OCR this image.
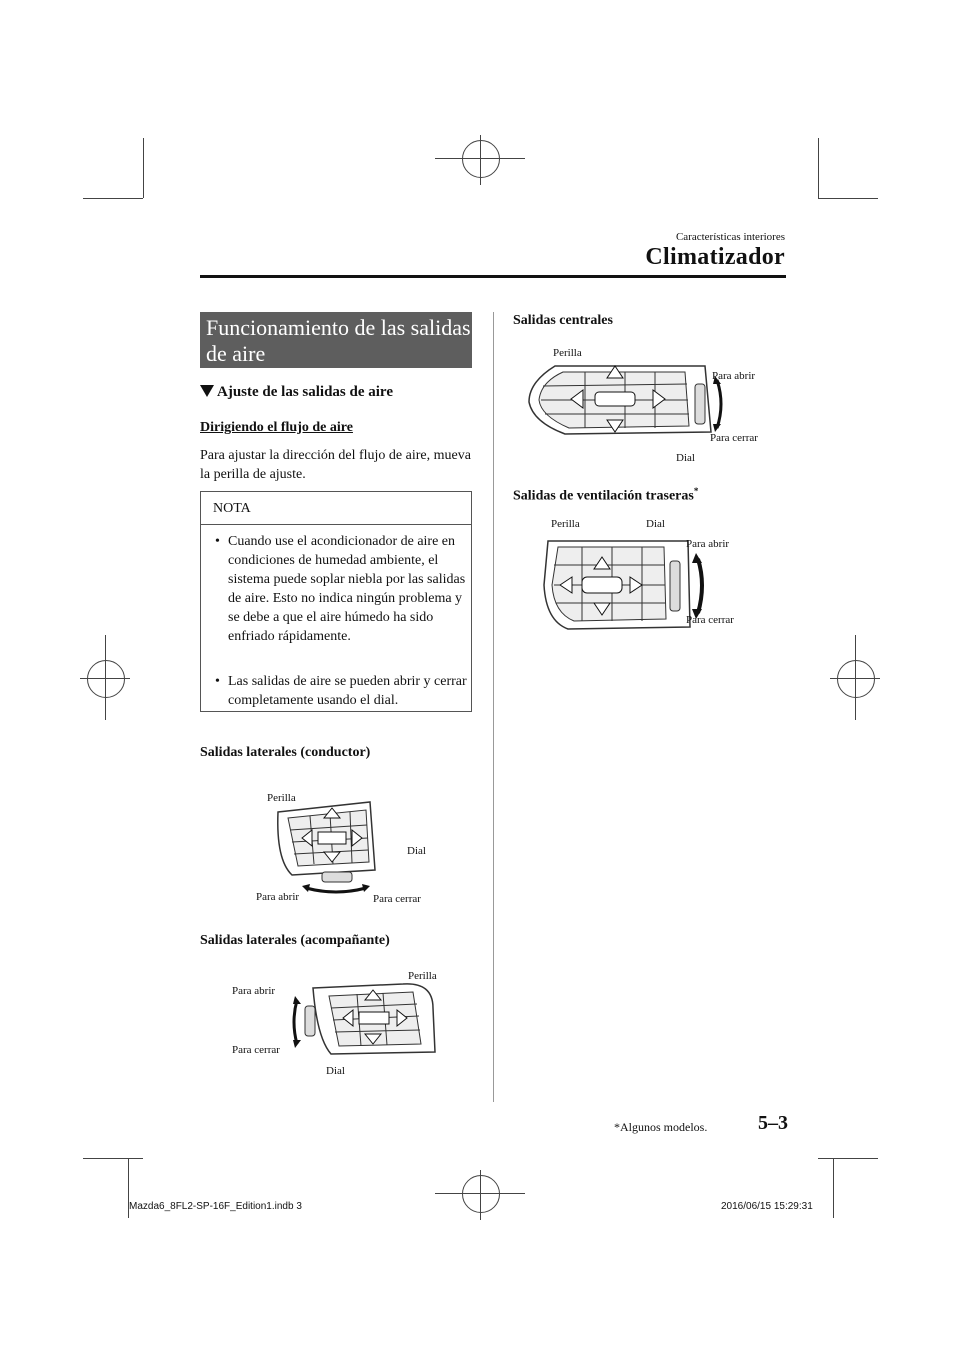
Características interiores
Climatizador
Funcionamiento de las salidas de aire
Ajuste de las salidas de aire
Dirigiendo el flujo de aire
Para ajustar la dirección del flujo de aire, mueva la perilla de ajuste.
NOTA
• Cuando use el acondicionador de aire en condiciones de humedad ambiente, el sistema puede soplar niebla por las salidas de aire. Esto no indica ningún problema y se debe a que el aire húmedo ha sido enfriado rápidamente.
• Las salidas de aire se pueden abrir y cerrar completamente usando el dial.
Salidas laterales (conductor)
Perilla
Dial
Para abrir	Para cerrar
Salidas laterales (acompañante)
Perilla
Para abrir
Para cerrar
Dial
Salidas centrales
Perilla
Para abrir
Para cerrar
Dial
Salidas de ventilación traseras*
Perilla	Dial
Para abrir
Para cerrar
*Algunos modelos.	5–3
Mazda6_8FL2-SP-16F_Edition1.indb 3	2016/06/15 15:29:31
